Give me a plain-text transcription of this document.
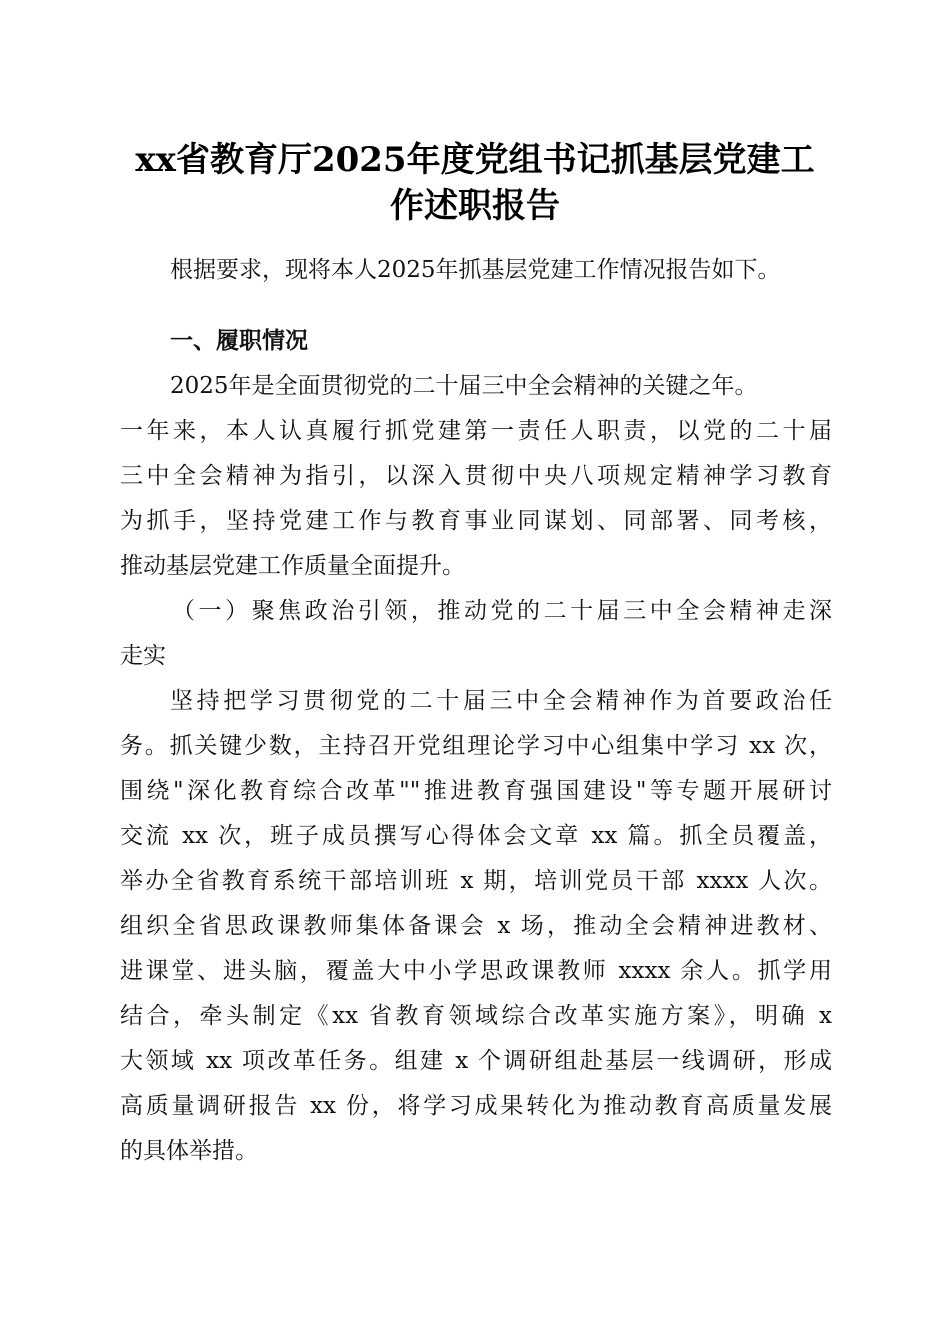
xx省教育厅2025年度党组书记抓基层党建工
作述职报告
根据要求，现将本人2025年抓基层党建工作情况报告如下。
一、履职情况
2025年是全面贯彻党的二十届三中全会精神的关键之年。
一年来，本人认真履行抓党建第一责任人职责，以党的二十届
三中全会精神为指引，以深入贯彻中央八项规定精神学习教育
为抓手，坚持党建工作与教育事业同谋划、同部署、同考核，
推动基层党建工作质量全面提升。
（一）聚焦政治引领，推动党的二十届三中全会精神走深
走实
坚持把学习贯彻党的二十届三中全会精神作为首要政治任
务。抓关键少数，主持召开党组理论学习中心组集中学习 xx 次，
围绕"深化教育综合改革""推进教育强国建设"等专题开展研讨
交流 xx 次，班子成员撰写心得体会文章 xx 篇。抓全员覆盖，
举办全省教育系统干部培训班 x 期，培训党员干部 xxxx 人次。
组织全省思政课教师集体备课会 x 场，推动全会精神进教材、
进课堂、进头脑，覆盖大中小学思政课教师 xxxx 余人。抓学用
结合，牵头制定《xx 省教育领域综合改革实施方案》，明确 x
大领域 xx 项改革任务。组建 x 个调研组赴基层一线调研，形成
高质量调研报告 xx 份，将学习成果转化为推动教育高质量发展
的具体举措。
